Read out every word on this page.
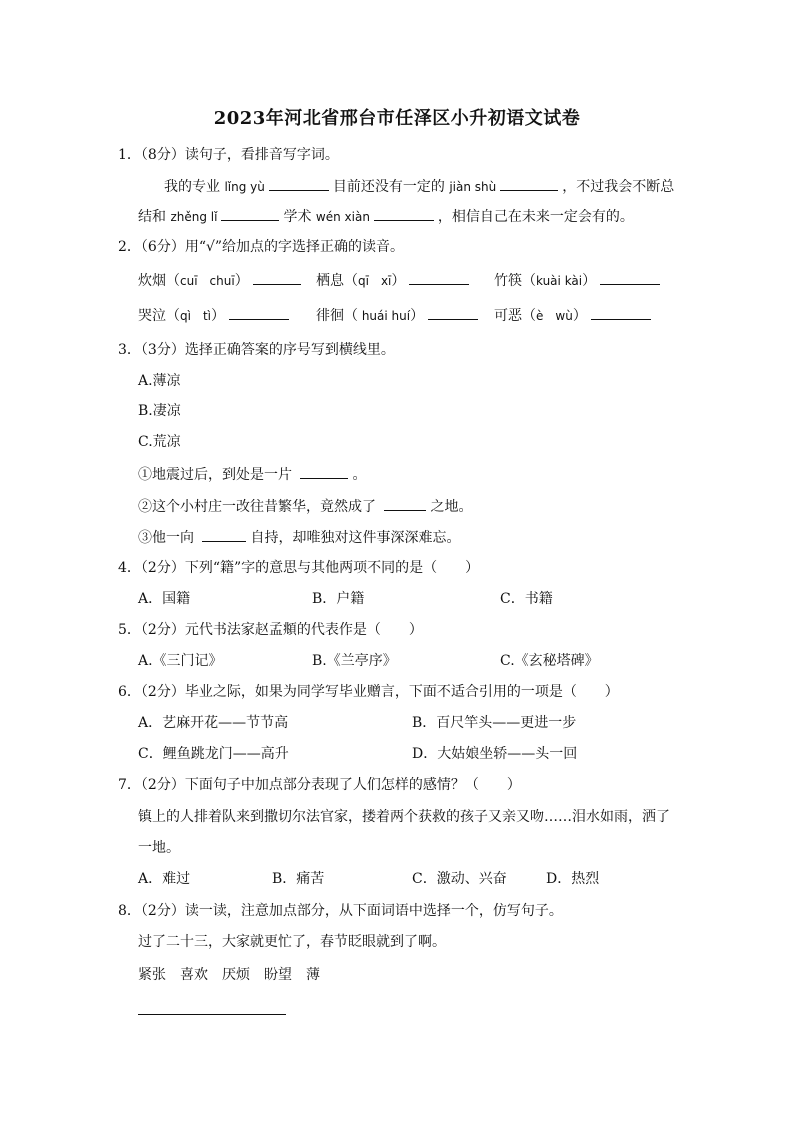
2023年河北省邢台市任泽区小升初语文试卷
1．（8分）读句子，看排音写字词。
我的专业 lǐng yù	目前还没有一定的 jiàn shù	，不过我会不断总
结和 zhěng lǐ	学术 wén xiàn	，相信自己在未来一定会有的。
2．（6分）用“√”给加点的字选择正确的读音。
炊烟（cuī　chuī）	栖息（qī　xī）	竹筷（kuài kài）
哭泣（qì　tì）	徘徊（ huái huí）	可恶（è　wù）
3．（3分）选择正确答案的序号写到横线里。
A.薄凉
B.凄凉
C.荒凉
①地震过后，到处是一片	。
②这个小村庄一改往昔繁华，竟然成了	之地。
③他一向	自持，却唯独对这件事深深难忘。
4．（2分）下列“籍”字的意思与其他两项不同的是（　　）
A．国籍	B．户籍	C．书籍
5．（2分）元代书法家赵孟頫的代表作是（　　）
A.《三门记》	B.《兰亭序》	C.《玄秘塔碑》
6．（2分）毕业之际，如果为同学写毕业赠言，下面不适合引用的一项是（　　）
A．艺麻开花——节节高	B．百尺竿头——更进一步
C．鲤鱼跳龙门——高升	D．大姑娘坐轿——头一回
7．（2分）下面句子中加点部分表现了人们怎样的感情？（　　）
镇上的人排着队来到撒切尔法官家，搂着两个获救的孩子又亲又吻……泪水如雨，洒了
一地。
A．难过	B．痛苦	C．激动、兴奋	D．热烈
8．（2分）读一读，注意加点部分，从下面词语中选择一个，仿写句子。
过了二十三，大家就更忙了，春节眨眼就到了啊。
紧张　喜欢　厌烦　盼望　薄
